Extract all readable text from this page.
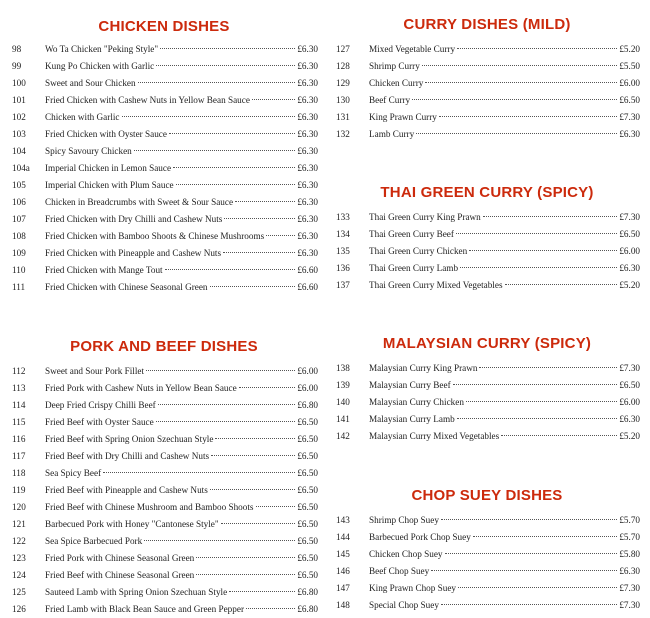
CHICKEN DISHES
98	Wo Ta Chicken "Peking Style"	£6.30
99	Kung Po Chicken with Garlic	£6.30
100	Sweet and Sour Chicken	£6.30
101	Fried Chicken with Cashew Nuts in Yellow Bean Sauce	£6.30
102	Chicken with Garlic	£6.30
103	Fried Chicken with Oyster Sauce	£6.30
104	Spicy Savoury Chicken	£6.30
104a	Imperial Chicken in Lemon Sauce	£6.30
105	Imperial Chicken with Plum Sauce	£6.30
106	Chicken in Breadcrumbs with Sweet & Sour Sauce	£6.30
107	Fried Chicken with Dry Chilli and Cashew Nuts	£6.30
108	Fried Chicken with Bamboo Shoots & Chinese Mushrooms	£6.30
109	Fried Chicken with Pineapple and Cashew Nuts	£6.30
110	Fried Chicken with Mange Tout	£6.60
111	Fried Chicken with Chinese Seasonal Green	£6.60
PORK AND BEEF DISHES
112	Sweet and Sour Pork Fillet	£6.00
113	Fried Pork with Cashew Nuts in Yellow Bean Sauce	£6.00
114	Deep Fried Crispy Chilli Beef	£6.80
115	Fried Beef with Oyster Sauce	£6.50
116	Fried Beef with Spring Onion Szechuan Style	£6.50
117	Fried Beef with Dry Chilli and Cashew Nuts	£6.50
118	Sea Spicy Beef	£6.50
119	Fried Beef with Pineapple and Cashew Nuts	£6.50
120	Fried Beef with Chinese Mushroom and Bamboo Shoots	£6.50
121	Barbecued Pork with Honey "Cantonese Style"	£6.50
122	Sea Spice Barbecued Pork	£6.50
123	Fried Pork with Chinese Seasonal Green	£6.50
124	Fried Beef with Chinese Seasonal Green	£6.50
125	Sauteed Lamb with Spring Onion Szechuan Style	£6.80
126	Fried Lamb with Black Bean Sauce and Green Pepper	£6.80
CURRY DISHES (MILD)
127	Mixed Vegetable Curry	£5.20
128	Shrimp Curry	£5.50
129	Chicken Curry	£6.00
130	Beef Curry	£6.50
131	King Prawn Curry	£7.30
132	Lamb Curry	£6.30
THAI GREEN CURRY (SPICY)
133	Thai Green Curry King Prawn	£7.30
134	Thai Green Curry Beef	£6.50
135	Thai Green Curry Chicken	£6.00
136	Thai Green Curry Lamb	£6.30
137	Thai Green Curry Mixed Vegetables	£5.20
MALAYSIAN CURRY (SPICY)
138	Malaysian Curry King Prawn	£7.30
139	Malaysian Curry Beef	£6.50
140	Malaysian Curry Chicken	£6.00
141	Malaysian Curry Lamb	£6.30
142	Malaysian Curry Mixed Vegetables	£5.20
CHOP SUEY DISHES
143	Shrimp Chop Suey	£5.70
144	Barbecued Pork Chop Suey	£5.70
145	Chicken Chop Suey	£5.80
146	Beef Chop Suey	£6.30
147	King Prawn Chop Suey	£7.30
148	Special Chop Suey	£7.30
